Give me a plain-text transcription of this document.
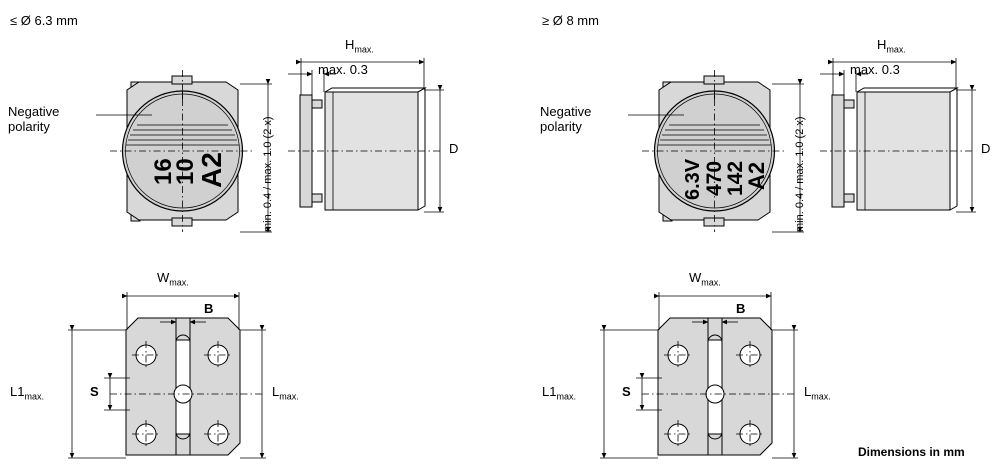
≤ Ø 6.3 mm
Negative
polarity	min. 0.4 / max. 1.0 (2 x)
A2
10
16
$H_{max.}$
max. 0.3
D
$W_{max.}$
B
$L1_{max.}$	S	$L_{max.}$
≥ Ø 8 mm
Negative
polarity	min. 0.4 / max. 1.0 (2 x)
A2
142
470
6.3V
$H_{max.}$
max. 0.3
D
$W_{max.}$
B
$L1_{max.}$	S	$L_{max.}$
Dimensions in mm
